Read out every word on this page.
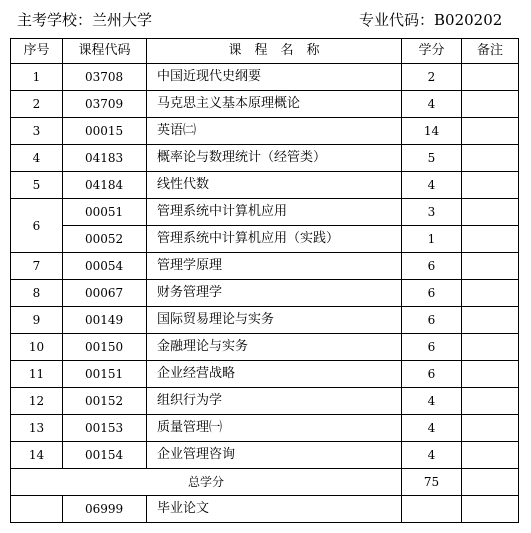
主考学校：兰州大学	专业代码：B020202
序号	课程代码	课　程　名　称	学分	备注
1	03708	中国近现代史纲要	2	
2	03709	马克思主义基本原理概论	4	
3	00015	英语㈡	14	
4	04183	概率论与数理统计（经管类）	5	
5	04184	线性代数	4	
6	00051	管理系统中计算机应用	3	
	00052	管理系统中计算机应用（实践）	1	
7	00054	管理学原理	6	
8	00067	财务管理学	6	
9	00149	国际贸易理论与实务	6	
10	00150	金融理论与实务	6	
11	00151	企业经营战略	6	
12	00152	组织行为学	4	
13	00153	质量管理㈠	4	
14	00154	企业管理咨询	4	
总学分			75	
	06999	毕业论文		
